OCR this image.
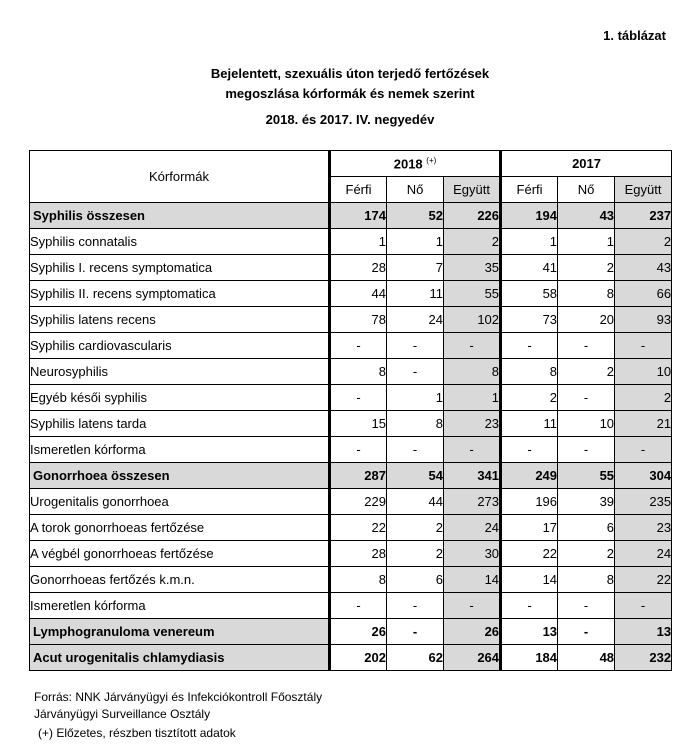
1. táblázat
Bejelentett, szexuális úton terjedő fertőzések
megoszlása kórformák és nemek szerint
2018. és 2017. IV. negyedév
Kórformák	2018 (+)			2017		
	Férfi	Nő	Együtt	Férfi	Nő	Együtt
Syphilis összesen	174	52	226	194	43	237
Syphilis connatalis	1	1	2	1	1	2
Syphilis I. recens symptomatica	28	7	35	41	2	43
Syphilis II. recens symptomatica	44	11	55	58	8	66
Syphilis latens recens	78	24	102	73	20	93
Syphilis cardiovascularis	-	-	-	-	-	-
Neurosyphilis	8	-	8	8	2	10
Egyéb késői syphilis	-	1	1	2	-	2
Syphilis latens tarda	15	8	23	11	10	21
Ismeretlen kórforma	-	-	-	-	-	-
Gonorrhoea összesen	287	54	341	249	55	304
Urogenitalis gonorrhoea	229	44	273	196	39	235
A torok gonorrhoeas fertőzése	22	2	24	17	6	23
A végbél gonorrhoeas fertőzése	28	2	30	22	2	24
Gonorrhoeas fertőzés k.m.n.	8	6	14	14	8	22
Ismeretlen kórforma	-	-	-	-	-	-
Lymphogranuloma venereum	26	-	26	13	-	13
Acut urogenitalis chlamydiasis	202	62	264	184	48	232
Forrás: NNK Járványügyi és Infekciókontroll Főosztály
Járványügyi Surveillance Osztály
(+) Előzetes, részben tisztított adatok
